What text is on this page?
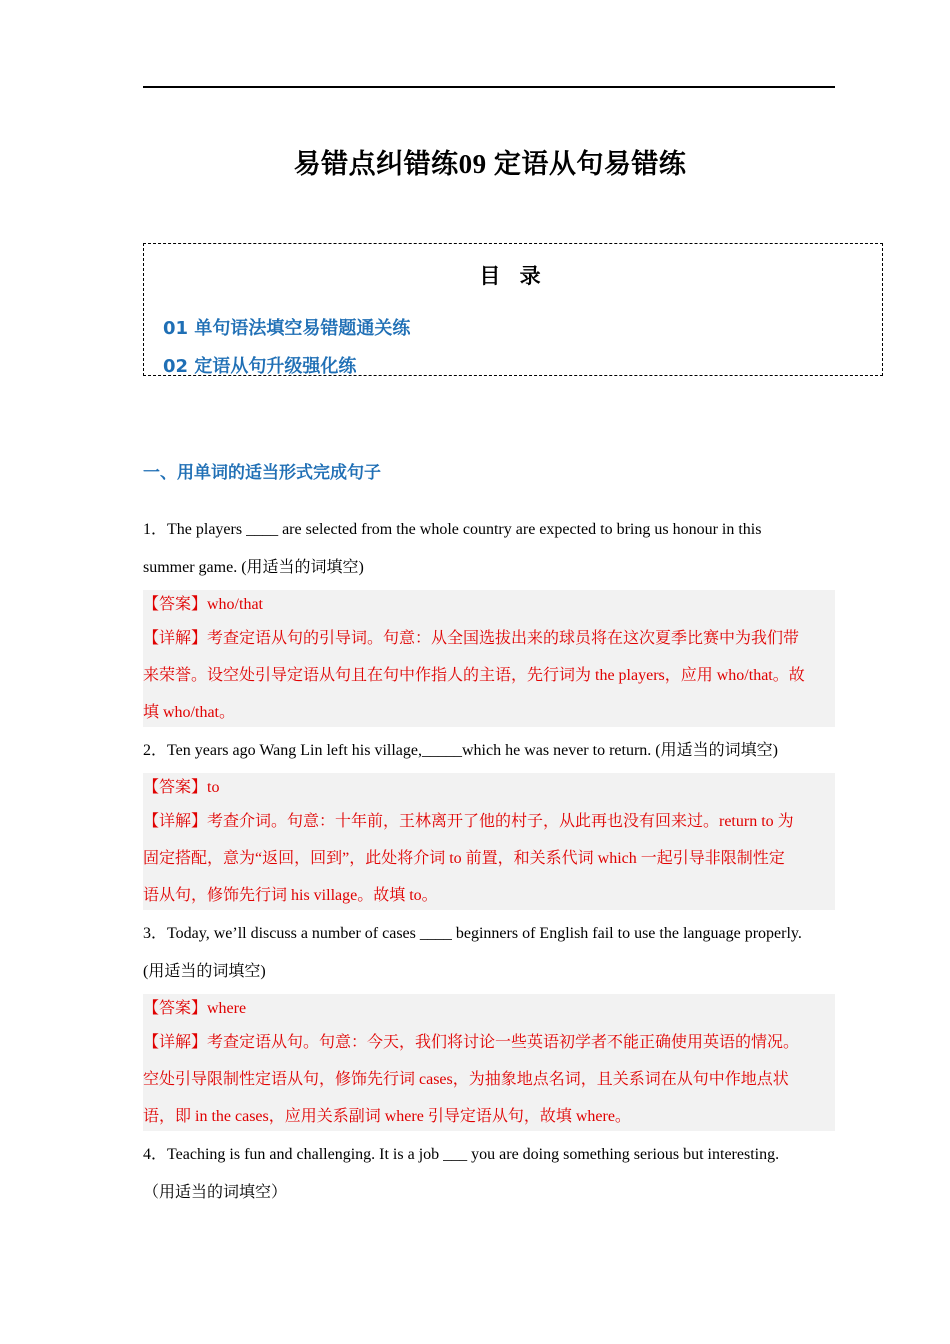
易错点纠错练09 定语从句易错练
目 录
01 单句语法填空易错题通关练
02 定语从句升级强化练
一、用单词的适当形式完成句子
1．The players ____ are selected from the whole country are expected to bring us honour in this
summer game. (用适当的词填空)
【答案】who/that
【详解】考查定语从句的引导词。句意：从全国选拔出来的球员将在这次夏季比赛中为我们带
来荣誉。设空处引导定语从句且在句中作指人的主语，先行词为 the players，应用 who/that。故
填 who/that。
2．Ten years ago Wang Lin left his village,_____which he was never to return. (用适当的词填空)
【答案】to
【详解】考查介词。句意：十年前，王林离开了他的村子，从此再也没有回来过。return to 为
固定搭配，意为“返回，回到”，此处将介词 to 前置，和关系代词 which 一起引导非限制性定
语从句，修饰先行词 his village。故填 to。
3．Today, we’ll discuss a number of cases ____ beginners of English fail to use the language properly.
(用适当的词填空)
【答案】where
【详解】考查定语从句。句意：今天，我们将讨论一些英语初学者不能正确使用英语的情况。
空处引导限制性定语从句，修饰先行词 cases，为抽象地点名词，且关系词在从句中作地点状
语，即 in the cases，应用关系副词 where 引导定语从句，故填 where。
4．Teaching is fun and challenging. It is a job ___ you are doing something serious but interesting.
（用适当的词填空）
